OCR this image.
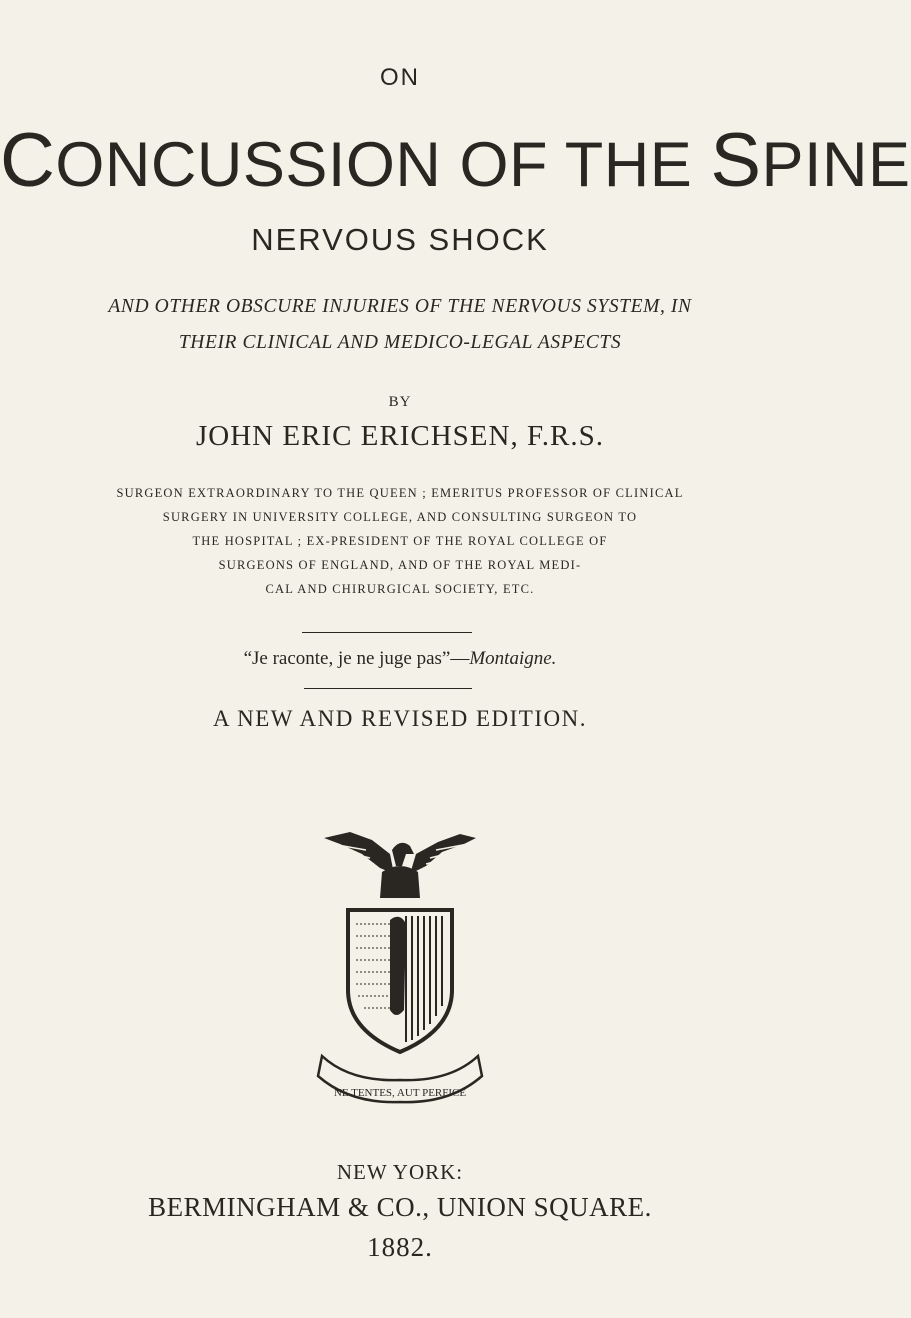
ON
CONCUSSION OF THE SPINE
NERVOUS SHOCK
AND OTHER OBSCURE INJURIES OF THE NERVOUS SYSTEM, IN
THEIR CLINICAL AND MEDICO-LEGAL ASPECTS
BY
JOHN ERIC ERICHSEN, F.R.S.
SURGEON EXTRAORDINARY TO THE QUEEN ; EMERITUS PROFESSOR OF CLINICAL
SURGERY IN UNIVERSITY COLLEGE, AND CONSULTING SURGEON TO
THE HOSPITAL ; EX-PRESIDENT OF THE ROYAL COLLEGE OF
SURGEONS OF ENGLAND, AND OF THE ROYAL MEDI-
CAL AND CHIRURGICAL SOCIETY, ETC.
“Je raconte, je ne juge pas”—Montaigne.
A NEW AND REVISED EDITION.
NE TENTES, AUT PERFICE
NEW YORK:
BERMINGHAM & CO., UNION SQUARE.
1882.
